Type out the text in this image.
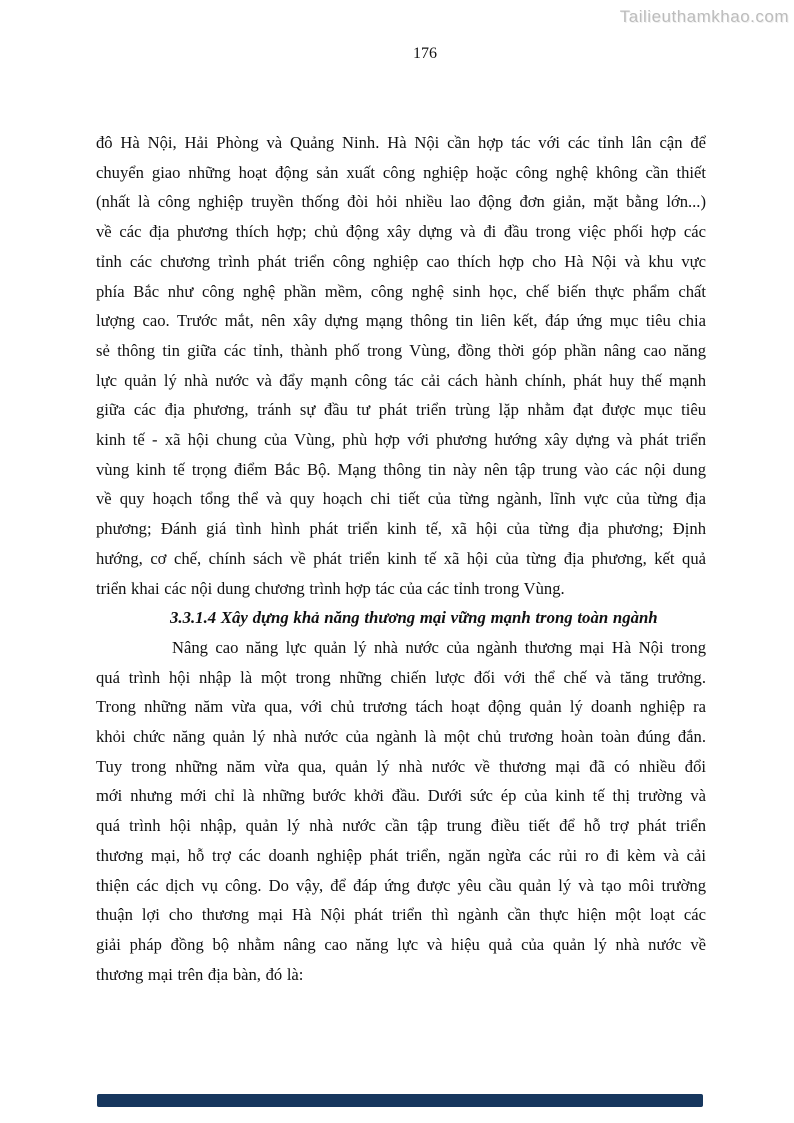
Tailieuthamkhao.com
176
đô Hà Nội, Hải Phòng và Quảng Ninh. Hà Nội cần hợp tác với các tỉnh lân cận để
chuyển giao những hoạt động sản xuất công nghiệp hoặc công nghệ không cần thiết
(nhất là công nghiệp truyền thống đòi hỏi nhiều lao động đơn giản, mặt bằng lớn...)
về các địa phương thích hợp; chủ động xây dựng và đi đầu trong việc phối hợp các
tỉnh các chương trình phát triển công nghiệp cao thích hợp cho Hà Nội và khu vực
phía Bắc như công nghệ phần mềm, công nghệ sinh học, chế biến thực phẩm chất
lượng cao. Trước mắt, nên xây dựng mạng thông tin liên kết, đáp ứng mục tiêu chia
sẻ thông tin giữa các tỉnh, thành phố trong Vùng, đồng thời góp phần nâng cao năng
lực quản lý nhà nước và đẩy mạnh công tác cải cách hành chính, phát huy thế mạnh
giữa các địa phương, tránh sự đầu tư phát triển trùng lặp nhằm đạt được mục tiêu
kinh tế - xã hội chung của Vùng, phù hợp với phương hướng xây dựng và phát triển
vùng kinh tế trọng điểm Bắc Bộ. Mạng thông tin này nên tập trung vào các nội dung
về quy hoạch tổng thể và quy hoạch chi tiết của từng ngành, lĩnh vực của từng địa
phương; Đánh giá tình hình phát triển kinh tế, xã hội của từng địa phương; Định
hướng, cơ chế, chính sách về phát triển kinh tế xã hội của từng địa phương, kết quả
triển khai các nội dung chương trình hợp tác của các tỉnh trong Vùng.
3.3.1.4 Xây dựng khả năng thương mại vững mạnh trong toàn ngành
Nâng cao năng lực quản lý nhà nước của ngành thương mại Hà Nội trong
quá trình hội nhập là một trong những chiến lược đối với thể chế và tăng trưởng.
Trong những năm vừa qua, với chủ trương tách hoạt động quản lý doanh nghiệp ra
khỏi chức năng quản lý nhà nước của ngành là một chủ trương hoàn toàn đúng đắn.
Tuy trong những năm vừa qua, quản lý nhà nước về thương mại đã có nhiều đổi
mới nhưng mới chỉ là những bước khởi đầu. Dưới sức ép của kinh tế thị trường và
quá trình hội nhập, quản lý nhà nước cần tập trung điều tiết để hỗ trợ phát triển
thương mại, hỗ trợ các doanh nghiệp phát triển, ngăn ngừa các rủi ro đi kèm và cải
thiện các dịch vụ công. Do vậy, để đáp ứng được yêu cầu quản lý và tạo môi trường
thuận lợi cho thương mại Hà Nội phát triển thì ngành cần thực hiện một loạt các
giải pháp đồng bộ nhằm nâng cao năng lực và hiệu quả của quản lý nhà nước về
thương mại trên địa bàn, đó là:
